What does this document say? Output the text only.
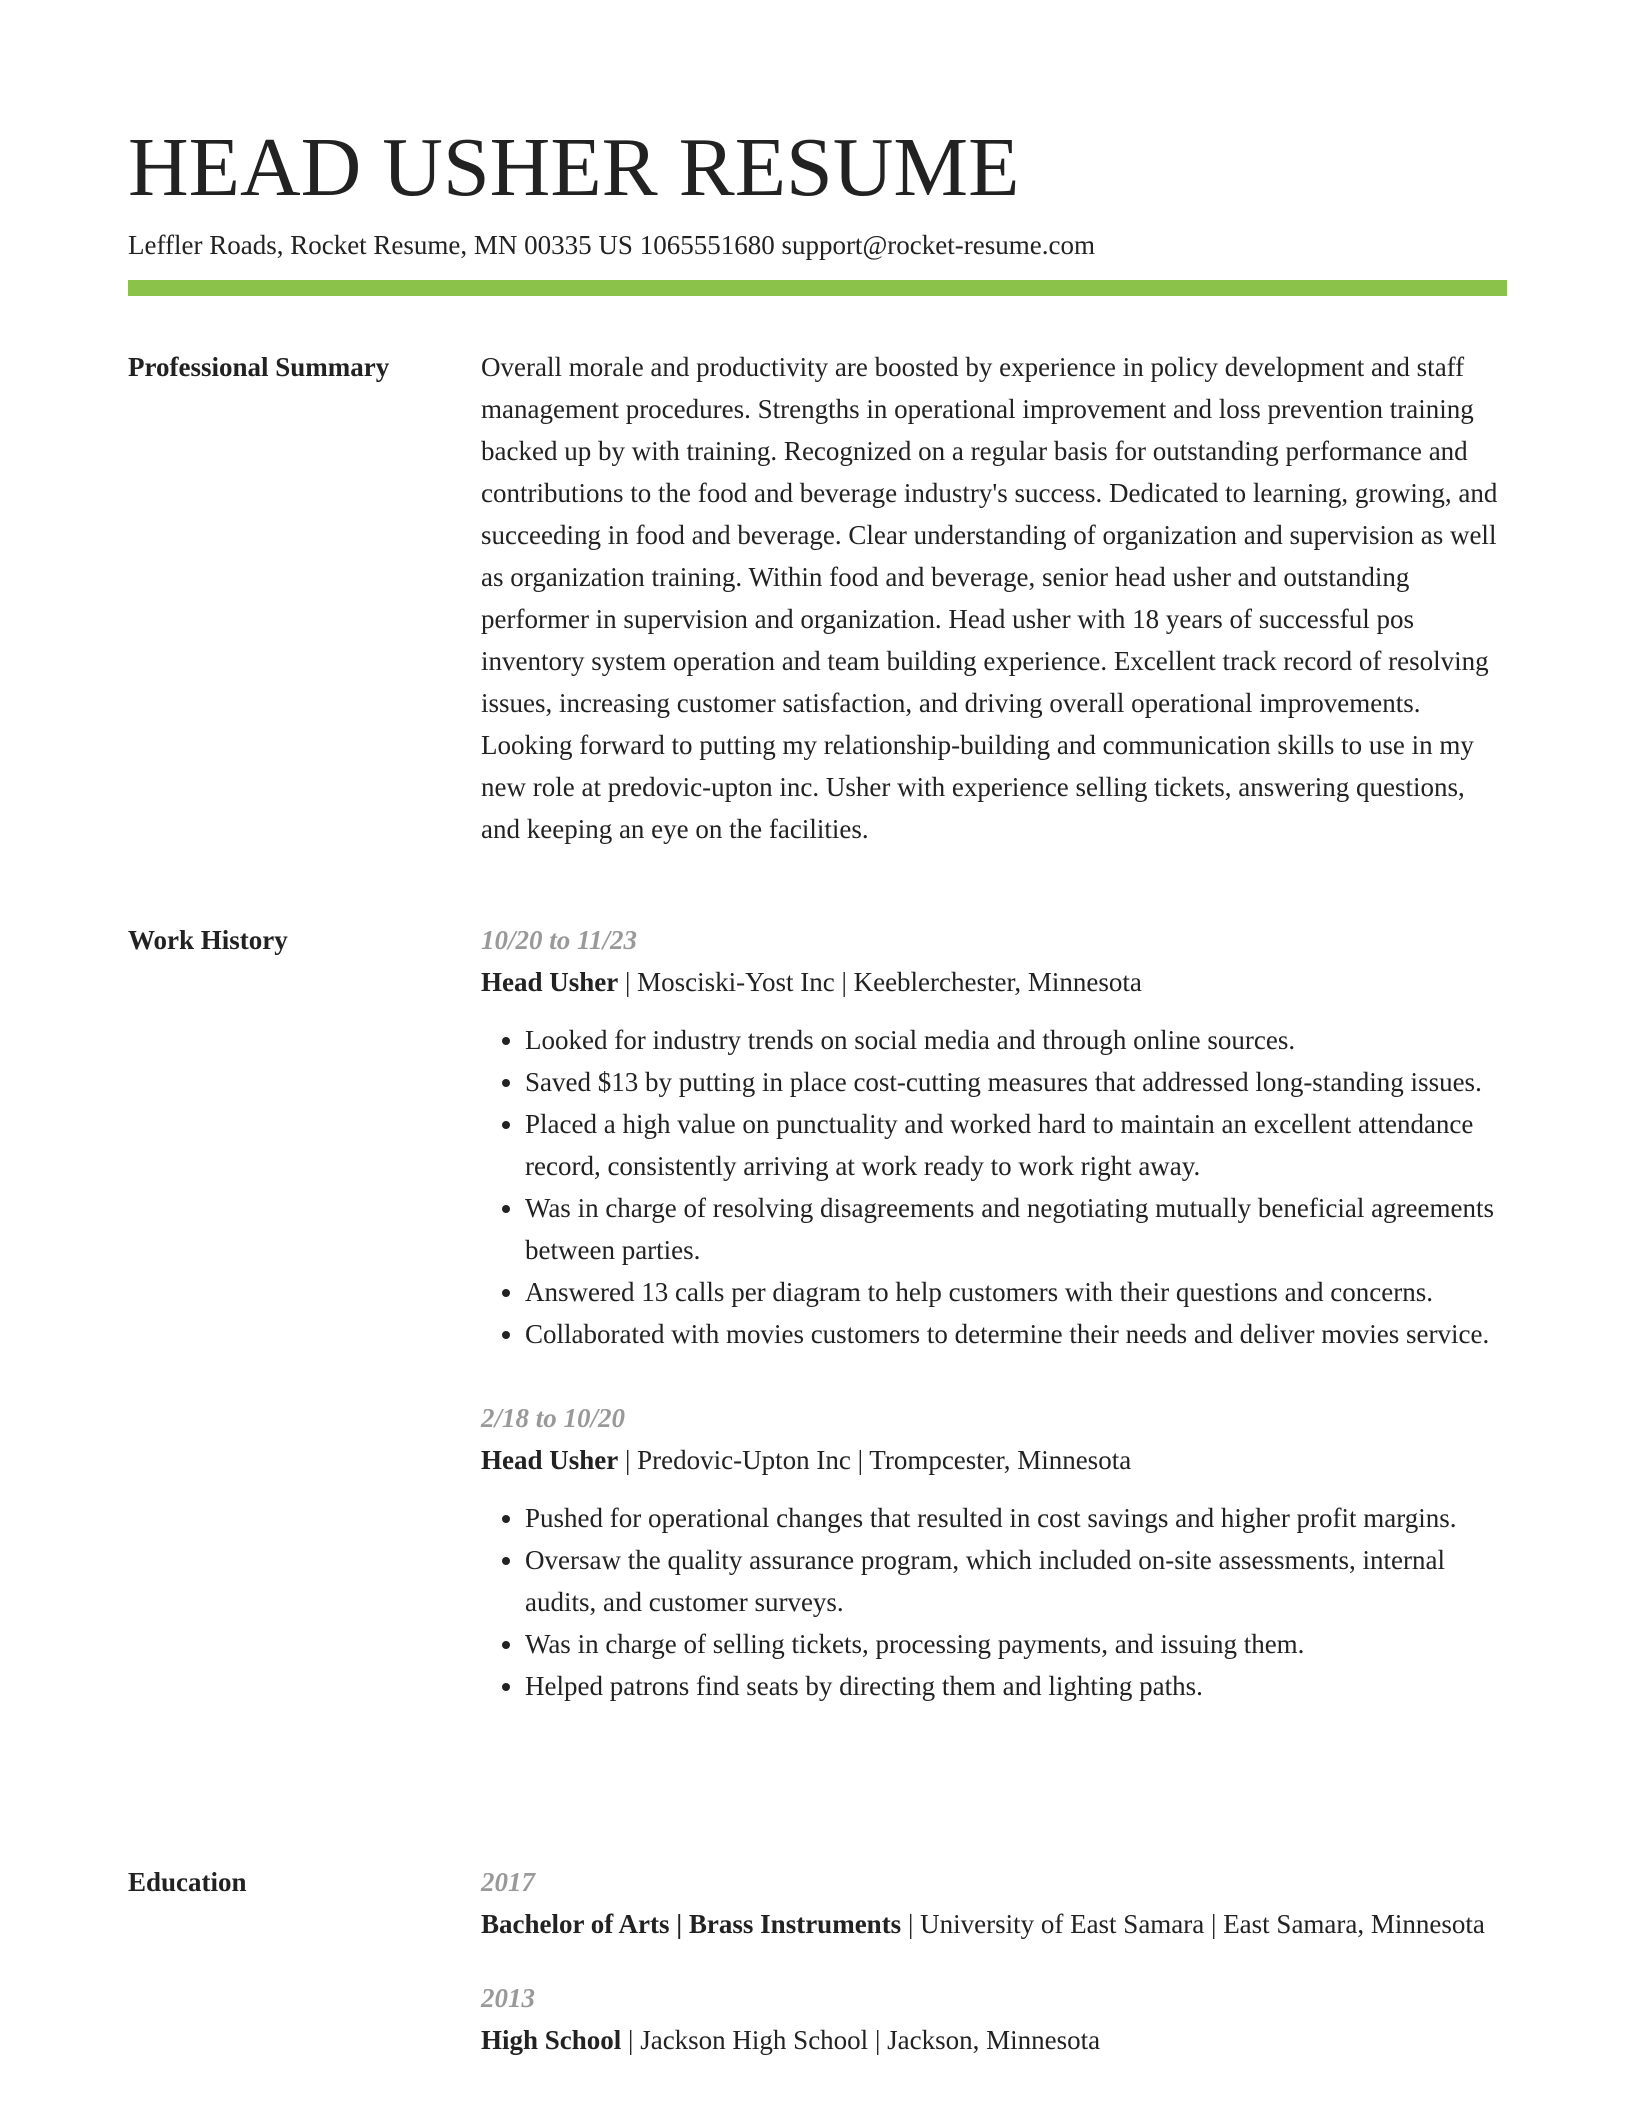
HEAD USHER RESUME
Leffler Roads, Rocket Resume, MN 00335 US 1065551680 support@rocket-resume.com
Professional Summary	Overall morale and productivity are boosted by experience in policy development and staff management procedures. Strengths in operational improvement and loss prevention training backed up by with training. Recognized on a regular basis for outstanding performance and contributions to the food and beverage industry's success. Dedicated to learning, growing, and succeeding in food and beverage. Clear understanding of organization and supervision as well as organization training. Within food and beverage, senior head usher and outstanding performer in supervision and organization. Head usher with 18 years of successful pos inventory system operation and team building experience. Excellent track record of resolving issues, increasing customer satisfaction, and driving overall operational improvements. Looking forward to putting my relationship-building and communication skills to use in my new role at predovic-upton inc. Usher with experience selling tickets, answering questions, and keeping an eye on the facilities.

Work History	10/20 to 11/23
Head Usher | Mosciski-Yost Inc | Keeblerchester, Minnesota
• Looked for industry trends on social media and through online sources.
• Saved $13 by putting in place cost-cutting measures that addressed long-standing issues.
• Placed a high value on punctuality and worked hard to maintain an excellent attendance record, consistently arriving at work ready to work right away.
• Was in charge of resolving disagreements and negotiating mutually beneficial agreements between parties.
• Answered 13 calls per diagram to help customers with their questions and concerns.
• Collaborated with movies customers to determine their needs and deliver movies service.
2/18 to 10/20
Head Usher | Predovic-Upton Inc | Trompcester, Minnesota
• Pushed for operational changes that resulted in cost savings and higher profit margins.
• Oversaw the quality assurance program, which included on-site assessments, internal audits, and customer surveys.
• Was in charge of selling tickets, processing payments, and issuing them.
• Helped patrons find seats by directing them and lighting paths.
Education	2017
Bachelor of Arts | Brass Instruments | University of East Samara | East Samara, Minnesota
2013
High School | Jackson High School | Jackson, Minnesota
